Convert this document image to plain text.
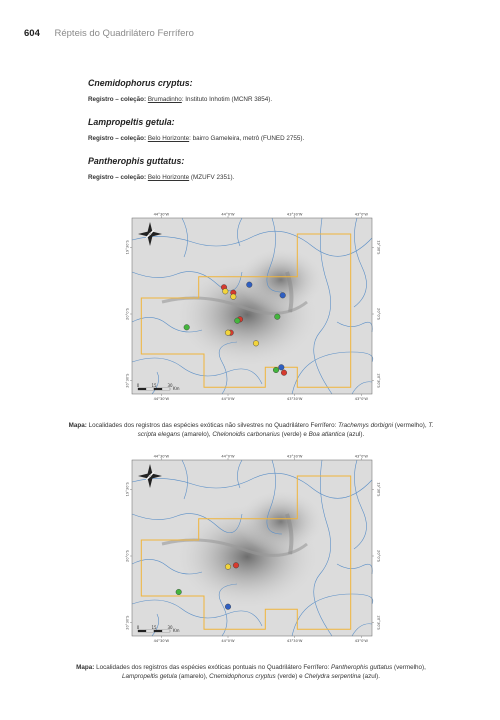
604 Répteis do Quadrilátero Ferrífero

Cnemidophorus cryptus:

Registro – coleção: Brumadinho: Instituto Inhotim (MCNR 3854).

Lampropeltis getula:

Registro – coleção: Belo Horizonte: bairro Gameleira, metrô (FUNED 2755).

Pantherophis guttatus:

Registro – coleção: Belo Horizonte (MZUFV 2351).

44°30'W
44°30'W
44°0'W
44°0'W
43°30'W
43°30'W
43°0'W
43°0'W
19°30'S
20°0'S
20°30'S
19°30'S
20°0'S
20°30'S
0	15	30
Km

Mapa: Localidades dos registros das espécies exóticas não silvestres no Quadrilátero Ferrífero: Trachemys dorbigni (vermelho), T. scripta elegans (amarelo), Chelonoidis carbonarius (verde) e Boa atlantica (azul).

44°30'W
44°30'W
44°0'W
44°0'W
43°30'W
43°30'W
43°0'W
43°0'W
19°30'S
20°0'S
20°30'S
19°30'S
20°0'S
20°30'S
0	15	30
Km

Mapa: Localidades dos registros das espécies exóticas pontuais no Quadrilátero Ferrífero: Pantherophis guttatus (vermelho), Lampropeltis getula (amarelo), Cnemidophorus cryptus (verde) e Chelydra serpentina (azul).
